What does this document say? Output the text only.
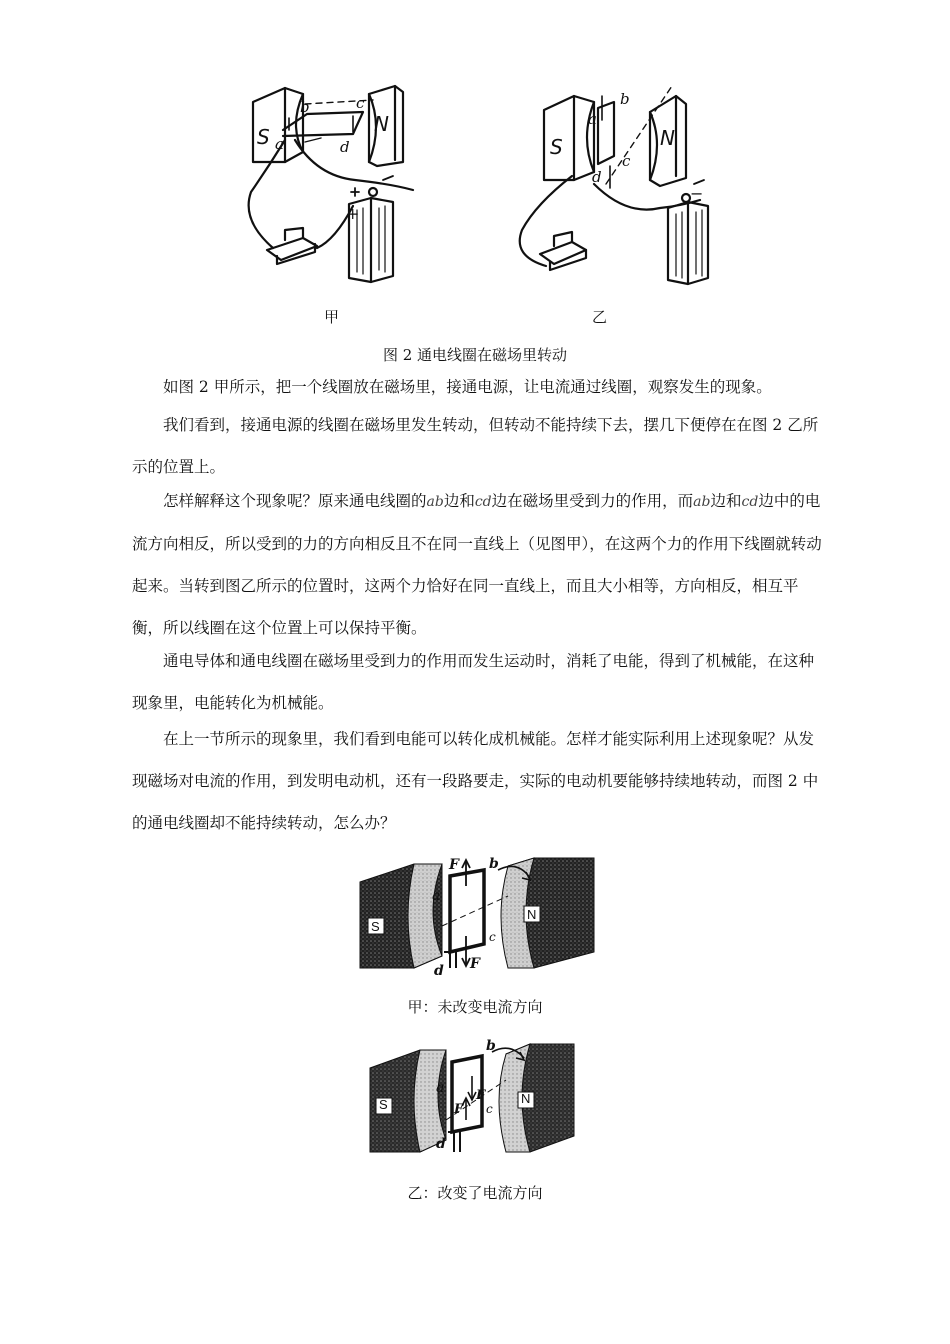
S
N
a
b	c
d
+
S	N
a
b
c
d
−
甲	乙
图 2 通电线圈在磁场里转动

如图 2 甲所示，把一个线圈放在磁场里，接通电源，让电流通过线圈，观察发生的现象。

我们看到，接通电源的线圈在磁场里发生转动，但转动不能持续下去，摆几下便停在在图 2 乙所示的位置上。

怎样解释这个现象呢？原来通电线圈的ab边和cd边在磁场里受到力的作用，而ab边和cd边中的电流方向相反，所以受到的力的方向相反且不在同一直线上（见图甲），在这两个力的作用下线圈就转动起来。当转到图乙所示的位置时，这两个力恰好在同一直线上，而且大小相等，方向相反，相互平衡，所以线圈在这个位置上可以保持平衡。

通电导体和通电线圈在磁场里受到力的作用而发生运动时，消耗了电能，得到了机械能，在这种现象里，电能转化为机械能。

在上一节所示的现象里，我们看到电能可以转化成机械能。怎样才能实际利用上述现象呢？从发现磁场对电流的作用，到发明电动机，还有一段路要走，实际的电动机要能够持续地转动，而图 2 中的通电线圈却不能持续转动，怎么办？

S
N
F
F
a
b
c
d
甲：未改变电流方向
S	N
F
F
a
b
c
d
乙：改变了电流方向
